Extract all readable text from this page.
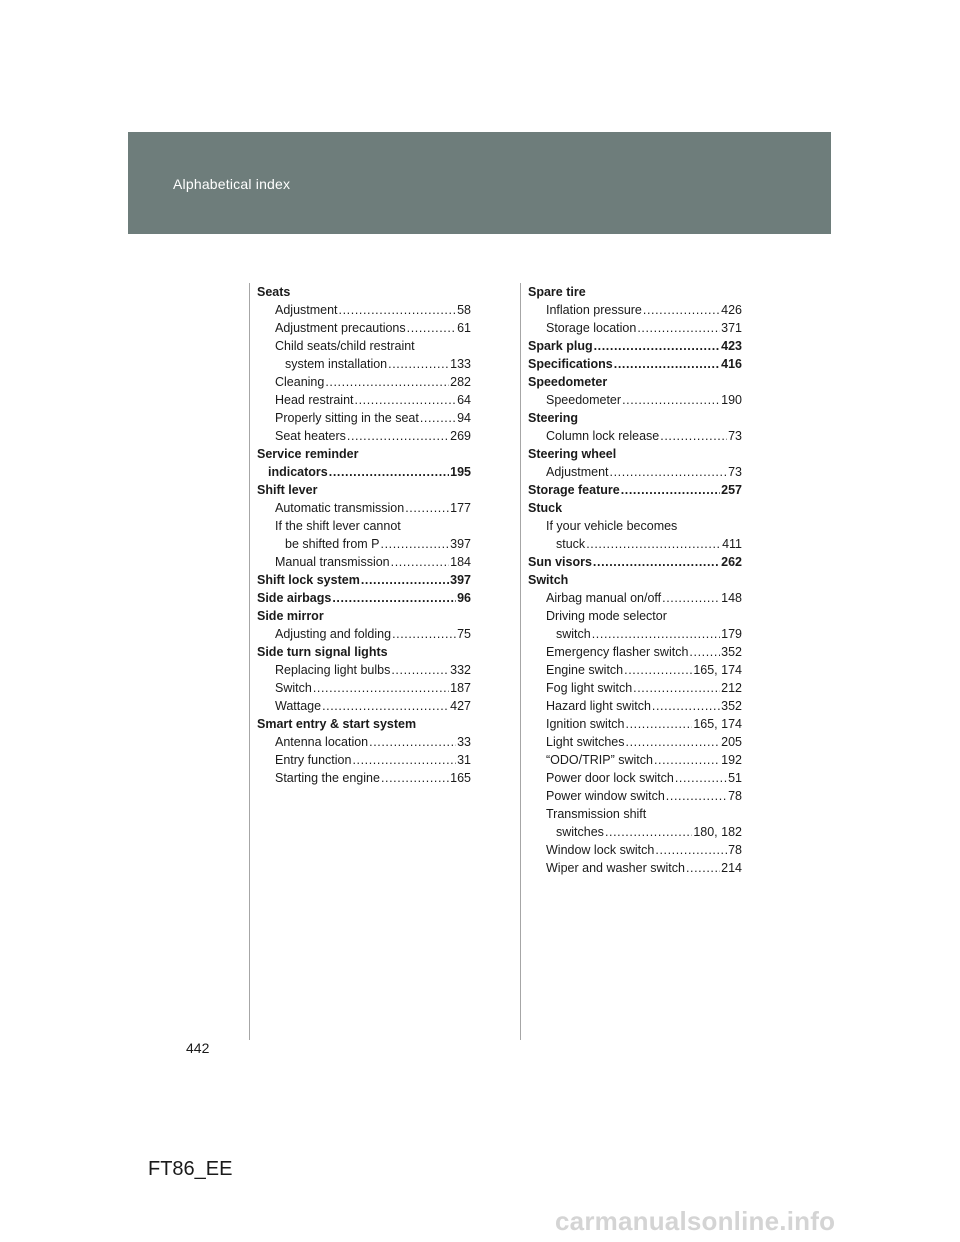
Alphabetical index
Seats
Adjustment .....	58
Adjustment precautions .....	61
Child seats/child restraint
system installation .....	133
Cleaning .....	282
Head restraint .....	64
Properly sitting in the seat .....	94
Seat heaters .....	269
Service reminder
indicators .....	195
Shift lever
Automatic transmission .....	177
If the shift lever cannot
be shifted from P .....	397
Manual transmission .....	184
Shift lock system .....	397
Side airbags .....	96
Side mirror
Adjusting and folding .....	75
Side turn signal lights
Replacing light bulbs .....	332
Switch .....	187
Wattage .....	427
Smart entry & start system
Antenna location .....	33
Entry function .....	31
Starting the engine .....	165
Spare tire
Inflation pressure .....	426
Storage location .....	371
Spark plug .....	423
Specifications .....	416
Speedometer
Speedometer .....	190
Steering
Column lock release .....	73
Steering wheel
Adjustment .....	73
Storage feature .....	257
Stuck
If your vehicle becomes
stuck .....	411
Sun visors .....	262
Switch
Airbag manual on/off .....	148
Driving mode selector
switch .....	179
Emergency flasher switch .....	352
Engine switch .....	165, 174
Fog light switch .....	212
Hazard light switch .....	352
Ignition switch .....	165, 174
Light switches .....	205
“ODO/TRIP” switch .....	192
Power door lock switch .....	51
Power window switch .....	78
Transmission shift
switches .....	180, 182
Window lock switch .....	78
Wiper and washer switch .....	214
442
FT86_EE
carmanualsonline.info
